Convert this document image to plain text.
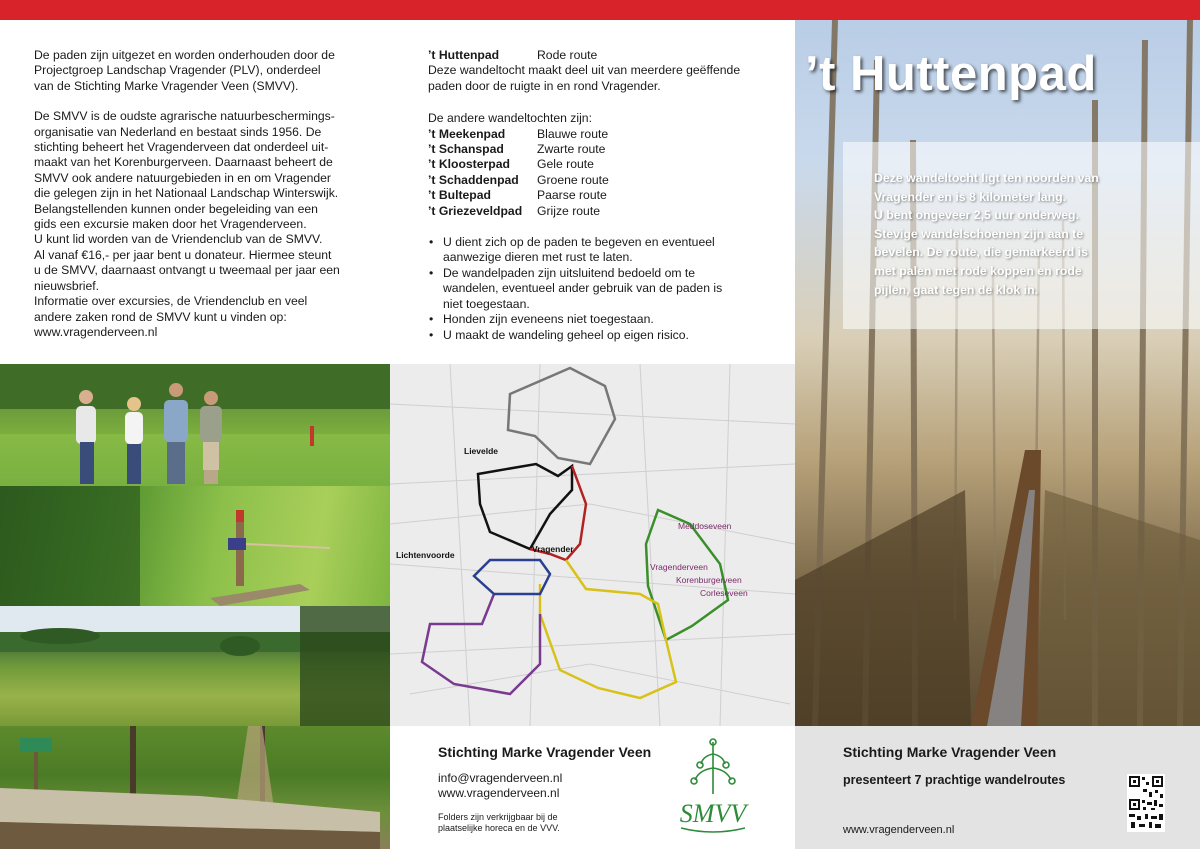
De paden zijn uitgezet en worden onderhouden door de
Projectgroep Landschap Vragender (PLV), onderdeel
van de Stichting Marke Vragender Veen (SMVV).

De SMVV is de oudste agrarische natuurbeschermings-
organisatie van Nederland en bestaat sinds 1956. De
stichting beheert het Vragenderveen dat onderdeel uit-
maakt van het Korenburgerveen. Daarnaast beheert de
SMVV ook andere natuurgebieden in en om Vragender
die gelegen zijn in het Nationaal Landschap Winterswijk.
Belangstellenden kunnen onder begeleiding van een
gids een excursie maken door het Vragenderveen.
U kunt lid worden van de Vriendenclub van de SMVV.
Al vanaf €16,- per jaar bent u donateur. Hiermee steunt
u de SMVV, daarnaast ontvangt u tweemaal per jaar een
nieuwsbrief.
Informatie over excursies, de Vriendenclub en veel
andere zaken rond de SMVV kunt u vinden op:
www.vragenderveen.nl

’t Huttenpad	Rode route
Deze wandeltocht maakt deel uit van meerdere geëffende
paden door de ruigte in en rond Vragender.
De andere wandeltochten zijn:
’t Meekenpad	Blauwe route
’t Schanspad	Zwarte route
’t Kloosterpad	Gele route
’t Schaddenpad	Groene route
’t Bultepad	Paarse route
’t Griezeveldpad	Grijze route
• U dient zich op de paden te begeven en eventueel
aanwezige dieren met rust te laten.
• De wandelpaden zijn uitsluitend bedoeld om te
wandelen, eventueel ander gebruik van de paden is
niet toegestaan.
• Honden zijn eveneens niet toegestaan.
• U maakt de wandeling geheel op eigen risico.
Lievelde
Lichtenvoorde
Vragender
Meddoseveen
Vragenderveen
Korenburgerveen
Corleseveen
Stichting Marke Vragender Veen
info@vragenderveen.nl
www.vragenderveen.nl
Folders zijn verkrijgbaar bij de
plaatselijke horeca en de VVV.	SMVV
’t Huttenpad
Deze wandeltocht ligt ten noorden van
Vragender en is 8 kilometer lang.
U bent ongeveer 2,5 uur onderweg.
Stevige wandelschoenen zijn aan te
bevelen. De route, die gemarkeerd is
met palen met rode koppen en rode
pijlen, gaat tegen de klok in.
Stichting Marke Vragender Veen
presenteert 7 prachtige wandelroutes
www.vragenderveen.nl
